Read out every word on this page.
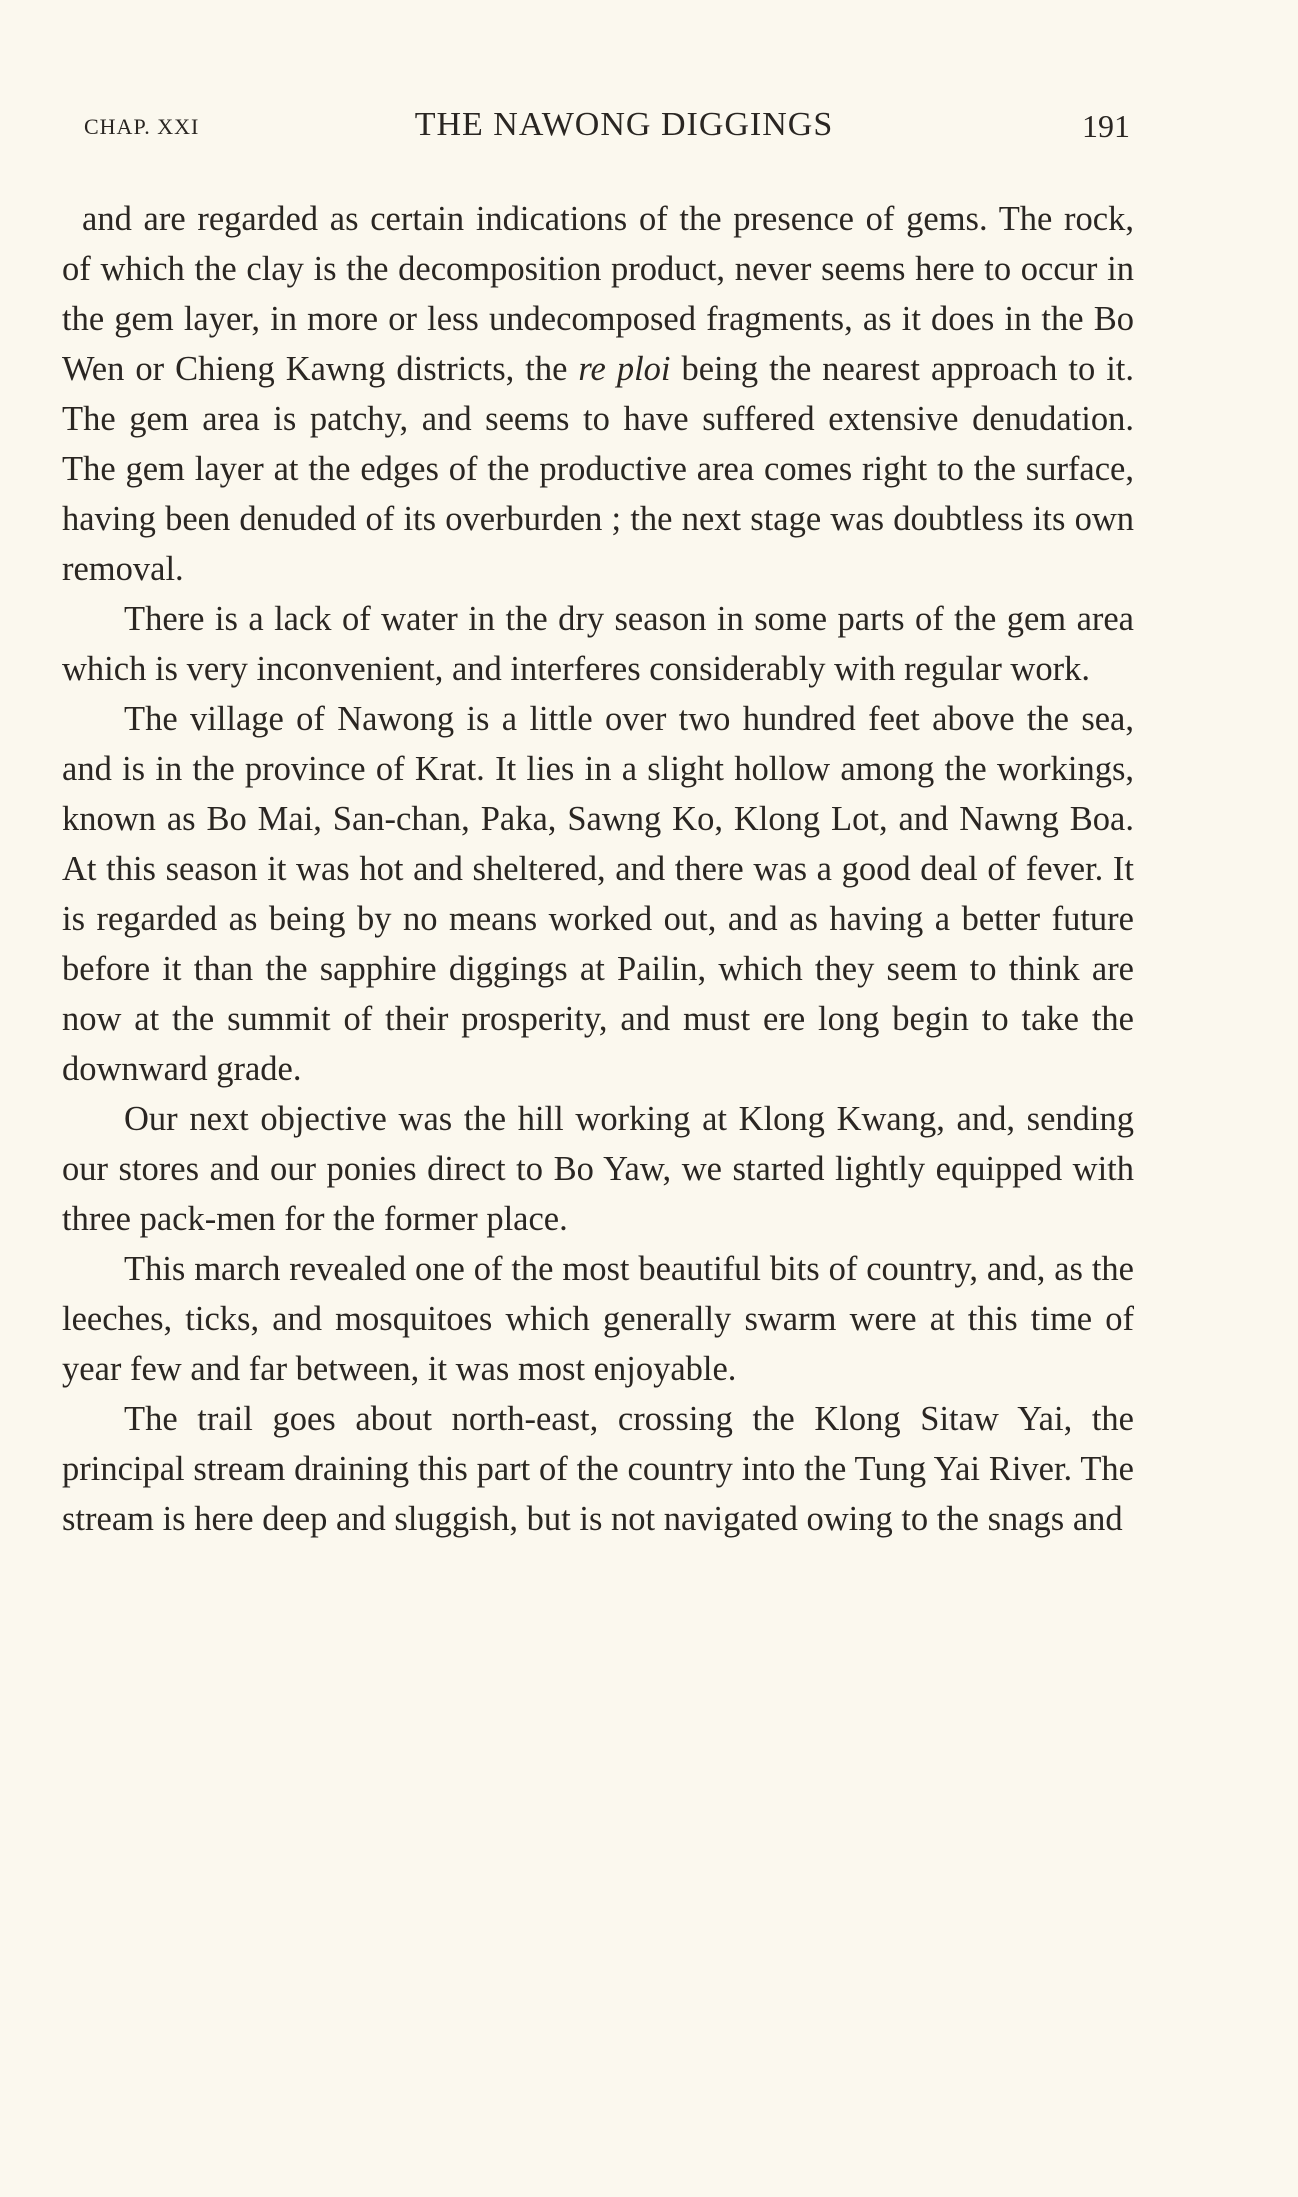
CHAP. XXI	THE NAWONG DIGGINGS	191

and are regarded as certain indications of the presence of gems. The rock, of which the clay is the decomposition product, never seems here to occur in the gem layer, in more or less undecomposed fragments, as it does in the Bo Wen or Chieng Kawng districts, the re ploi being the nearest approach to it. The gem area is patchy, and seems to have suffered extensive denudation. The gem layer at the edges of the productive area comes right to the surface, having been denuded of its overburden ; the next stage was doubtless its own removal.

There is a lack of water in the dry season in some parts of the gem area which is very inconvenient, and interferes considerably with regular work.

The village of Nawong is a little over two hundred feet above the sea, and is in the province of Krat. It lies in a slight hollow among the workings, known as Bo Mai, San-chan, Paka, Sawng Ko, Klong Lot, and Nawng Boa. At this season it was hot and sheltered, and there was a good deal of fever. It is regarded as being by no means worked out, and as having a better future before it than the sapphire diggings at Pailin, which they seem to think are now at the summit of their prosperity, and must ere long begin to take the downward grade.

Our next objective was the hill working at Klong Kwang, and, sending our stores and our ponies direct to Bo Yaw, we started lightly equipped with three pack-men for the former place.

This march revealed one of the most beautiful bits of country, and, as the leeches, ticks, and mosquitoes which generally swarm were at this time of year few and far between, it was most enjoyable.

The trail goes about north-east, crossing the Klong Sitaw Yai, the principal stream draining this part of the country into the Tung Yai River. The stream is here deep and sluggish, but is not navigated owing to the snags and
